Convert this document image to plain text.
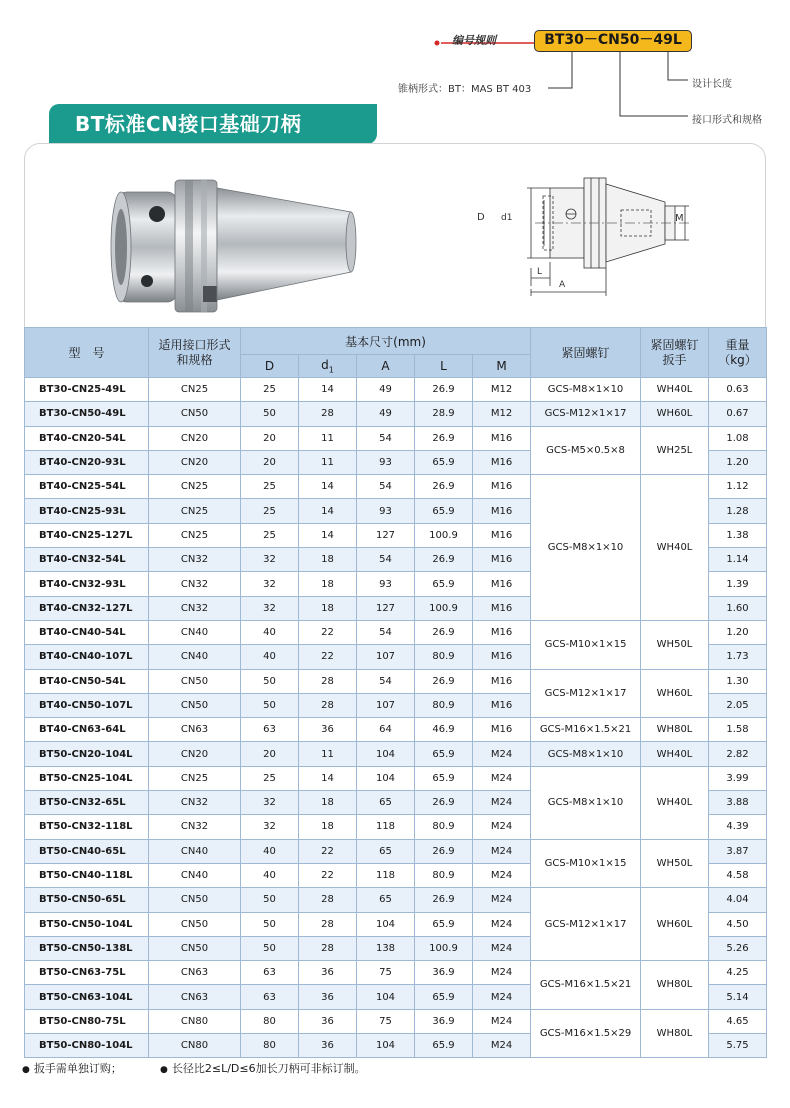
编号规则	BT30－CN50－49L
锥柄形式：BT：MAS BT 403	设计长度
接口形式和规格
BT标准CN接口基础刀柄
D d1	M
L
A
型　号	适用接口形式
和规格	基本尺寸(mm)					紧固螺钉	紧固螺钉
扳手	重量
（kg）

		D	$d_1$	A	L	M			
BT30-CN25-49L	CN25	25	14	49	26.9	M12	GCS-M8×1×10	WH40L	0.63
BT30-CN50-49L	CN50	50	28	49	28.9	M12	GCS-M12×1×17	WH60L	0.67
BT40-CN20-54L	CN20	20	11	54	26.9	M16	GCS-M5×0.5×8	WH25L	1.08
BT40-CN20-93L	CN20	20	11	93	65.9	M16			1.20
BT40-CN25-54L	CN25	25	14	54	26.9	M16	GCS-M8×1×10	WH40L	1.12
BT40-CN25-93L	CN25	25	14	93	65.9	M16			1.28
BT40-CN25-127L	CN25	25	14	127	100.9	M16			1.38
BT40-CN32-54L	CN32	32	18	54	26.9	M16			1.14
BT40-CN32-93L	CN32	32	18	93	65.9	M16			1.39
BT40-CN32-127L	CN32	32	18	127	100.9	M16			1.60
BT40-CN40-54L	CN40	40	22	54	26.9	M16	GCS-M10×1×15	WH50L	1.20
BT40-CN40-107L	CN40	40	22	107	80.9	M16			1.73
BT40-CN50-54L	CN50	50	28	54	26.9	M16	GCS-M12×1×17	WH60L	1.30
BT40-CN50-107L	CN50	50	28	107	80.9	M16			2.05
BT40-CN63-64L	CN63	63	36	64	46.9	M16	GCS-M16×1.5×21	WH80L	1.58
BT50-CN20-104L	CN20	20	11	104	65.9	M24	GCS-M8×1×10	WH40L	2.82
BT50-CN25-104L	CN25	25	14	104	65.9	M24	GCS-M8×1×10	WH40L	3.99
BT50-CN32-65L	CN32	32	18	65	26.9	M24			3.88
BT50-CN32-118L	CN32	32	18	118	80.9	M24			4.39
BT50-CN40-65L	CN40	40	22	65	26.9	M24	GCS-M10×1×15	WH50L	3.87
BT50-CN40-118L	CN40	40	22	118	80.9	M24			4.58
BT50-CN50-65L	CN50	50	28	65	26.9	M24	GCS-M12×1×17	WH60L	4.04
BT50-CN50-104L	CN50	50	28	104	65.9	M24			4.50
BT50-CN50-138L	CN50	50	28	138	100.9	M24			5.26
BT50-CN63-75L	CN63	63	36	75	36.9	M24	GCS-M16×1.5×21	WH80L	4.25
BT50-CN63-104L	CN63	63	36	104	65.9	M24			5.14
BT50-CN80-75L	CN80	80	36	75	36.9	M24	GCS-M16×1.5×29	WH80L	4.65
BT50-CN80-104L	CN80	80	36	104	65.9	M24			5.75
● 扳手需单独订购；	● 长径比2≤L/D≤6加长刀柄可非标订制。
